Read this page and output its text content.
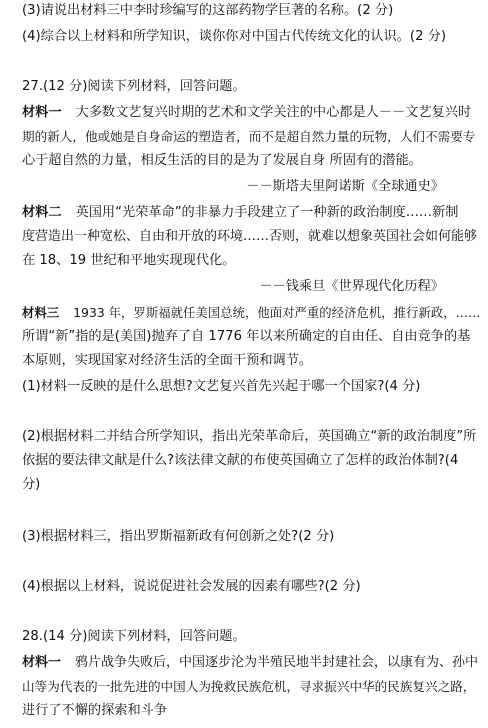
(3)请说出材料三中李时珍编写的这部药物学巨著的名称。(2 分)
(4)综合以上材料和所学知识，谈你你对中国古代传统文化的认识。(2 分)
27.(12 分)阅读下列材料，回答问题。
材料一 大多数文艺复兴时期的艺术和文学关注的中心都是人－－文艺复兴时
期的新人，他或她是自身命运的塑造者，而不是超自然力量的玩物，人们不需要专
心于超自然的力量，相反生活的目的是为了发展自身 所固有的潜能。
－－斯塔夫里阿诺斯《全球通史》
材料二 英国用“光荣革命”的非暴力手段建立了一种新的政治制度……新制
度营造出一种宽松、自由和开放的环境……否则，就难以想象英国社会如何能够
在 18、19 世纪和平地实现现代化。
－－钱乘旦《世界现代化历程》
材料三 1933 年，罗斯福就任美国总统，他面对严重的经济危机，推行新政，……
所谓“新”指的是(美国)抛弃了自 1776 年以来所确定的自由任、自由竞争的基
本原则，实现国家对经济生活的全面干预和调节。
(1)材料一反映的是什么思想?文艺复兴首先兴起于哪一个国家?(4 分)
(2)根据材料二并结合所学知识，指出光荣革命后，英国确立“新的政治制度”所
依据的要法律文献是什么?该法律文献的布使英国确立了怎样的政治体制?(4
分)
(3)根据材料三，指出罗斯福新政有何创新之处?(2 分)
(4)根据以上材料，说说促进社会发展的因素有哪些?(2 分)
28.(14 分)阅读下列材料，回答问题。
材料一 鸦片战争失败后，中国逐步沦为半殖民地半封建社会，以康有为、孙中
山等为代表的一批先进的中国人为挽救民族危机，寻求振兴中华的民族复兴之路，
进行了不懈的探索和斗争
